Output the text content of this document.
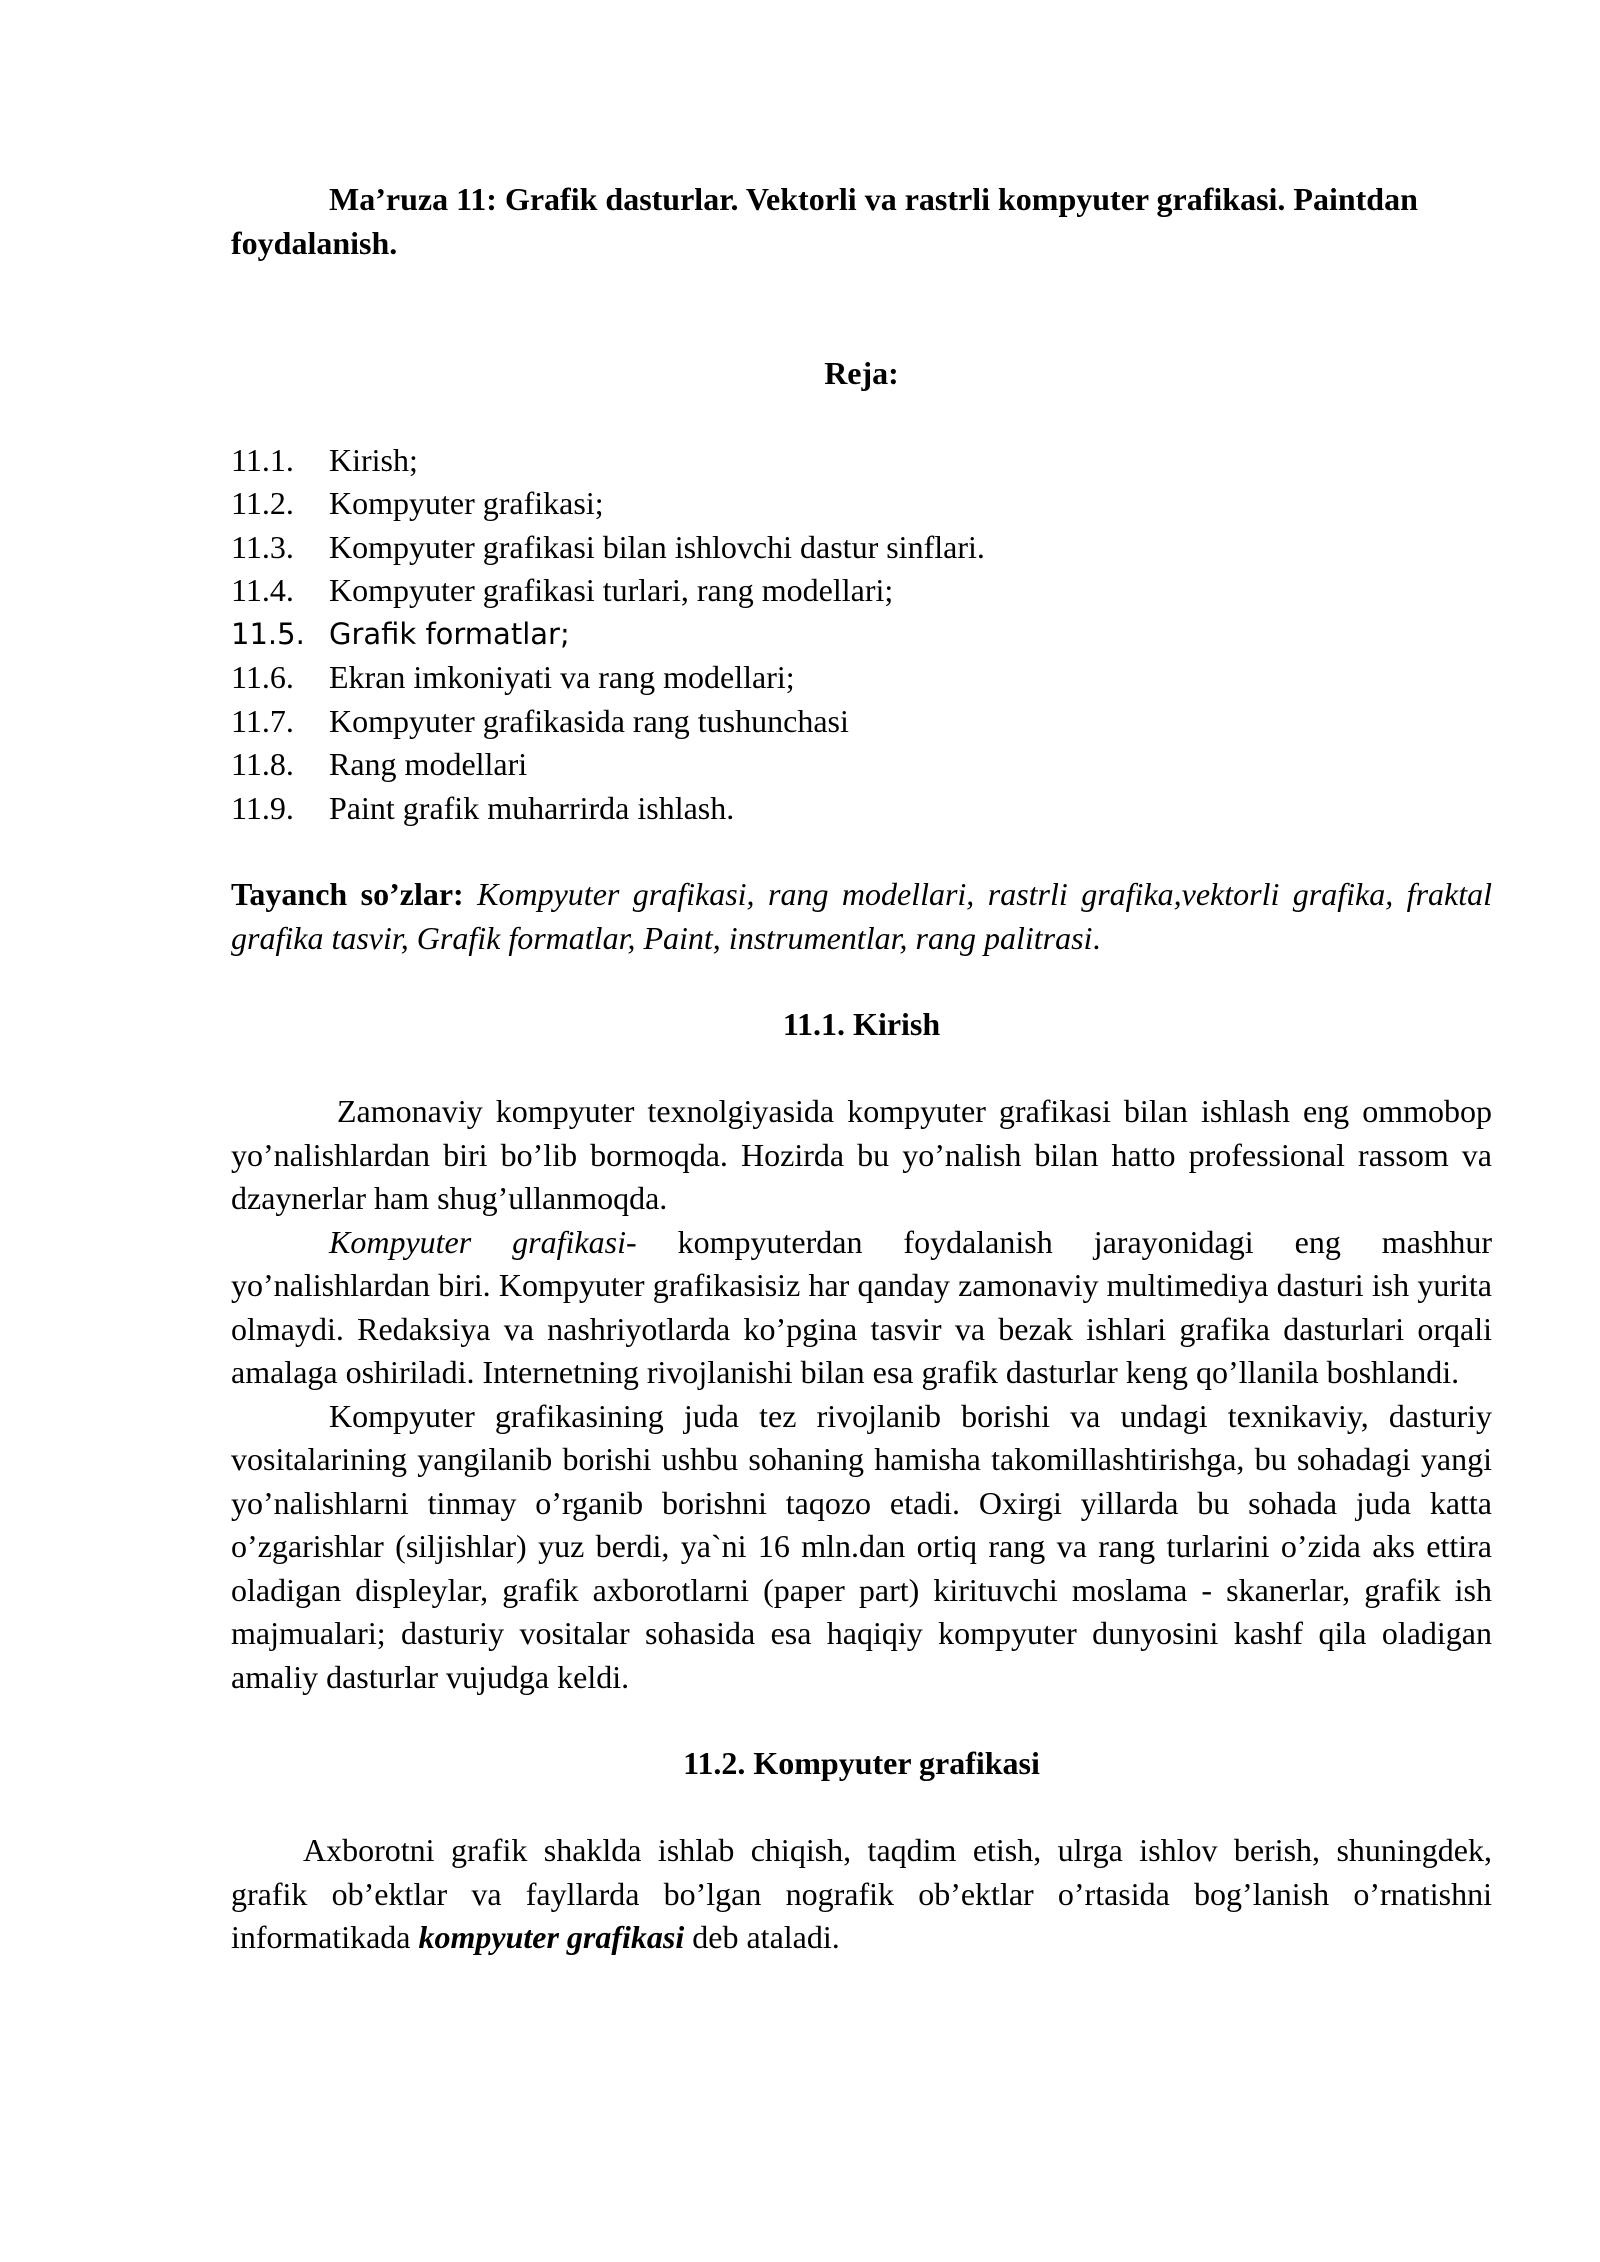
Ma’ruza 11: Grafik dasturlar. Vektorli va rastrli kompyuter grafikasi. Paintdan foydalanish.

Reja:

11.1.	Kirish;
11.2.	Kompyuter grafikasi;
11.3.	Kompyuter grafikasi bilan ishlovchi dastur sinflari.
11.4.	Kompyuter grafikasi turlari, rang modellari;
11.5. Grafik formatlar;
11.6.	Ekran imkoniyati va rang modellari;
11.7.	Kompyuter grafikasida rang tushunchasi
11.8.	Rang modellari
11.9.	Paint grafik muharrirda ishlash.

Tayanch so’zlar: Kompyuter grafikasi, rang modellari, rastrli grafika,vektorli grafika, fraktal grafika tasvir, Grafik formatlar, Paint, instrumentlar, rang palitrasi.

11.1. Kirish

Zamonaviy kompyuter texnolgiyasida kompyuter grafikasi bilan ishlash eng ommobop yo’nalishlardan biri bo’lib bormoqda. Hozirda bu yo’nalish bilan hatto professional rassom va dzaynerlar ham shug’ullanmoqda.

Kompyuter grafikasi- kompyuterdan foydalanish jarayonidagi eng mashhur yo’nalishlardan biri. Kompyuter grafikasisiz har qanday zamonaviy multimediya dasturi ish yurita olmaydi. Redaksiya va nashriyotlarda ko’pgina tasvir va bezak ishlari grafika dasturlari orqali amalaga oshiriladi. Internetning rivojlanishi bilan esa grafik dasturlar keng qo’llanila boshlandi.

Kompyuter grafikasining juda tez rivojlanib borishi va undagi texnikaviy, dasturiy vositalarining yangilanib borishi ushbu sohaning hamisha takomillashtirishga, bu sohadagi yangi yo’nalishlarni tinmay o’rganib borishni taqozo etadi. Oxirgi yillarda bu sohada juda katta o’zgarishlar (siljishlar) yuz berdi, ya`ni 16 mln.dan ortiq rang va rang turlarini o’zida aks ettira oladigan displeylar, grafik axborotlarni (paper part) kirituvchi moslama - skanerlar, grafik ish majmualari; dasturiy vositalar sohasida esa haqiqiy kompyuter dunyosini kashf qila oladigan amaliy dasturlar vujudga keldi.

11.2. Kompyuter grafikasi

Axborotni grafik shaklda ishlab chiqish, taqdim etish, ulrga ishlov berish, shuningdek, grafik ob’ektlar va fayllarda bo’lgan nografik ob’ektlar o’rtasida bog’lanish o’rnatishni informatikada kompyuter grafikasi deb ataladi.
